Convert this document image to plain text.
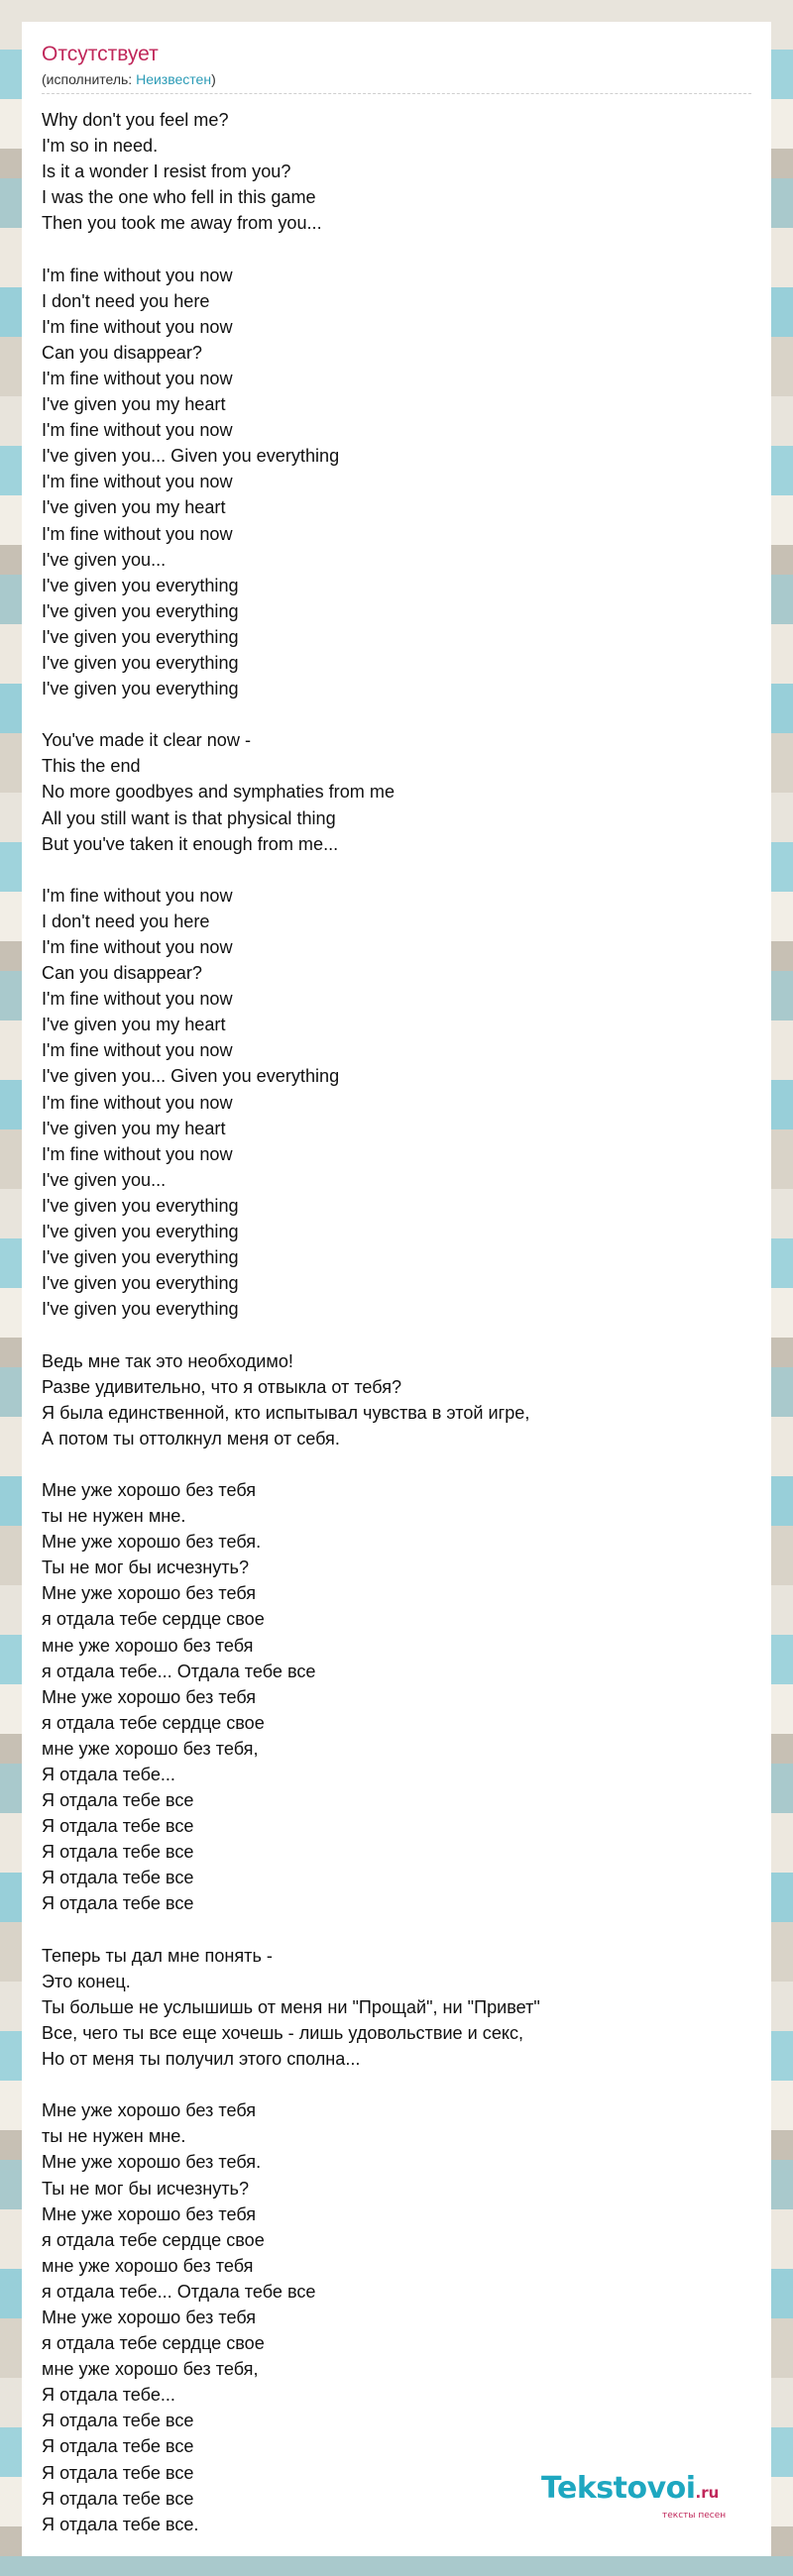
Отсутствует
(исполнитель: Неизвестен)
Why don't you feel me?
I'm so in need.
Is it a wonder I resist from you?
I was the one who fell in this game
Then you took me away from you...
I'm fine without you now
I don't need you here
I'm fine without you now
Can you disappear?
I'm fine without you now
I've given you my heart
I'm fine without you now
I've given you... Given you everything
I'm fine without you now
I've given you my heart
I'm fine without you now
I've given you...
I've given you everything
I've given you everything
I've given you everything
I've given you everything
I've given you everything
You've made it clear now -
This the end
No more goodbyes and symphaties from me
All you still want is that physical thing
But you've taken it enough from me...
I'm fine without you now
I don't need you here
I'm fine without you now
Can you disappear?
I'm fine without you now
I've given you my heart
I'm fine without you now
I've given you... Given you everything
I'm fine without you now
I've given you my heart
I'm fine without you now
I've given you...
I've given you everything
I've given you everything
I've given you everything
I've given you everything
I've given you everything
Ведь мне так это необходимо!
Разве удивительно, что я отвыкла от тебя?
Я была единственной, кто испытывал чувства в этой игре,
А потом ты оттолкнул меня от себя.
Мне уже хорошо без тебя
ты не нужен мне.
Мне уже хорошо без тебя.
Ты не мог бы исчезнуть?
Мне уже хорошо без тебя
я отдала тебе сердце свое
мне уже хорошо без тебя
я отдала тебе... Отдала тебе все
Мне уже хорошо без тебя
я отдала тебе сердце свое
мне уже хорошо без тебя,
Я отдала тебе...
Я отдала тебе все
Я отдала тебе все
Я отдала тебе все
Я отдала тебе все
Я отдала тебе все
Теперь ты дал мне понять -
Это конец.
Ты больше не услышишь от меня ни "Прощай", ни "Привет"
Все, чего ты все еще хочешь - лишь удовольствие и секс,
Но от меня ты получил этого сполна...
Мне уже хорошо без тебя
ты не нужен мне.
Мне уже хорошо без тебя.
Ты не мог бы исчезнуть?
Мне уже хорошо без тебя
я отдала тебе сердце свое
мне уже хорошо без тебя
я отдала тебе... Отдала тебе все
Мне уже хорошо без тебя
я отдала тебе сердце свое
мне уже хорошо без тебя,
Я отдала тебе...
Я отдала тебе все
Я отдала тебе все
Я отдала тебе все
Я отдала тебе все
Я отдала тебе все.
Tekstovoi.ru
тексты песен
